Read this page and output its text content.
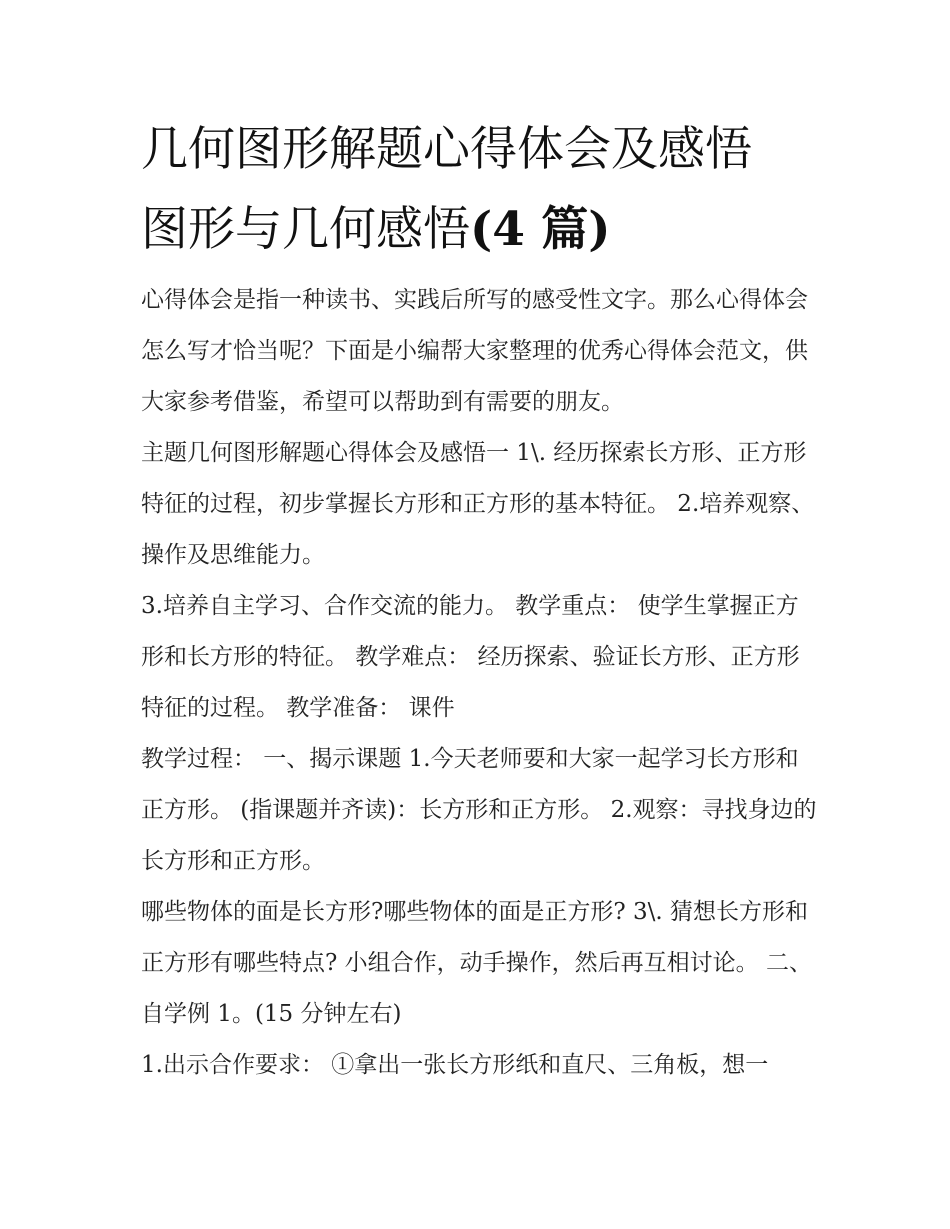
几何图形解题心得体会及感悟
图形与几何感悟(4 篇)

心得体会是指一种读书、实践后所写的感受性文字。那么心得体会怎么写才恰当呢？下面是小编帮大家整理的优秀心得体会范文，供大家参考借鉴，希望可以帮助到有需要的朋友。

主题几何图形解题心得体会及感悟一 1\. 经历探索长方形、正方形特征的过程，初步掌握长方形和正方形的基本特征。 2.培养观察、操作及思维能力。

3.培养自主学习、合作交流的能力。 教学重点： 使学生掌握正方形和长方形的特征。 教学难点： 经历探索、验证长方形、正方形特征的过程。 教学准备： 课件

教学过程： 一、揭示课题 1.今天老师要和大家一起学习长方形和正方形。 (指课题并齐读)：长方形和正方形。 2.观察：寻找身边的长方形和正方形。

哪些物体的面是长方形?哪些物体的面是正方形? 3\. 猜想长方形和正方形有哪些特点? 小组合作，动手操作，然后再互相讨论。 二、自学例 1。(15 分钟左右)

1.出示合作要求： ①拿出一张长方形纸和直尺、三角板，想一
